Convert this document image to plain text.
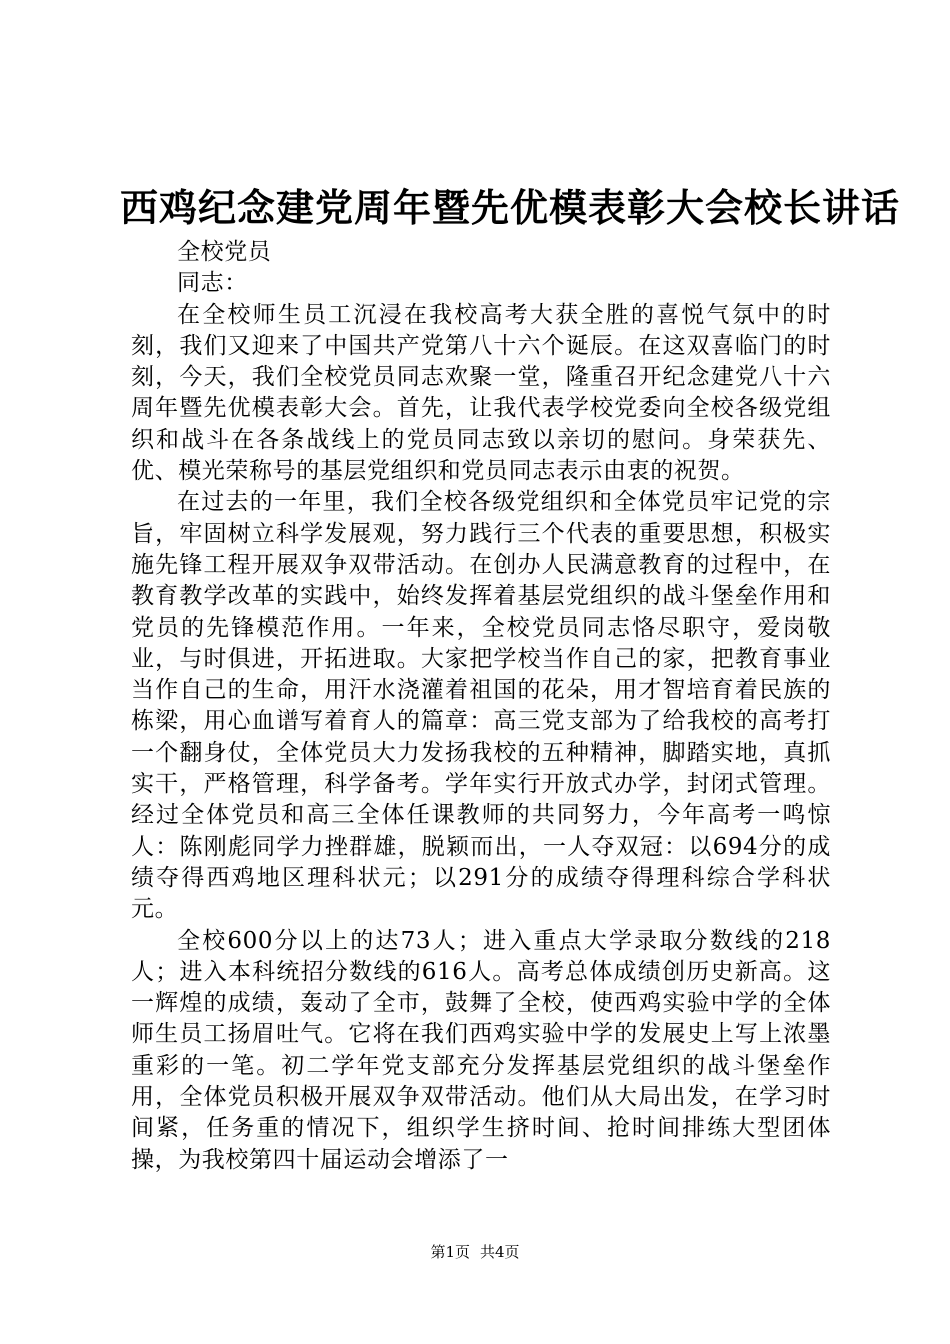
西鸡纪念建党周年暨先优模表彰大会校长讲话
全校党员
同志：

在全校师生员工沉浸在我校高考大获全胜的喜悦气氛中的时刻，我们又迎来了中国共产党第八十六个诞辰。在这双喜临门的时刻，今天，我们全校党员同志欢聚一堂，隆重召开纪念建党八十六周年暨先优模表彰大会。首先，让我代表学校党委向全校各级党组织和战斗在各条战线上的党员同志致以亲切的慰问。身荣获先、优、模光荣称号的基层党组织和党员同志表示由衷的祝贺。

在过去的一年里，我们全校各级党组织和全体党员牢记党的宗旨，牢固树立科学发展观，努力践行三个代表的重要思想，积极实施先锋工程开展双争双带活动。在创办人民满意教育的过程中，在教育教学改革的实践中，始终发挥着基层党组织的战斗堡垒作用和党员的先锋模范作用。一年来，全校党员同志恪尽职守，爱岗敬业，与时俱进，开拓进取。大家把学校当作自己的家，把教育事业当作自己的生命，用汗水浇灌着祖国的花朵，用才智培育着民族的栋梁，用心血谱写着育人的篇章：高三党支部为了给我校的高考打一个翻身仗，全体党员大力发扬我校的五种精神，脚踏实地，真抓实干，严格管理，科学备考。学年实行开放式办学，封闭式管理。经过全体党员和高三全体任课教师的共同努力，今年高考一鸣惊人：陈刚彪同学力挫群雄，脱颖而出，一人夺双冠：以694分的成绩夺得西鸡地区理科状元；以291分的成绩夺得理科综合学科状元。

全校600分以上的达73人；进入重点大学录取分数线的218人；进入本科统招分数线的616人。高考总体成绩创历史新高。这一辉煌的成绩，轰动了全市，鼓舞了全校，使西鸡实验中学的全体师生员工扬眉吐气。它将在我们西鸡实验中学的发展史上写上浓墨重彩的一笔。初二学年党支部充分发挥基层党组织的战斗堡垒作用，全体党员积极开展双争双带活动。他们从大局出发，在学习时间紧，任务重的情况下，组织学生挤时间、抢时间排练大型团体操，为我校第四十届运动会增添了一

第1页 共4页
